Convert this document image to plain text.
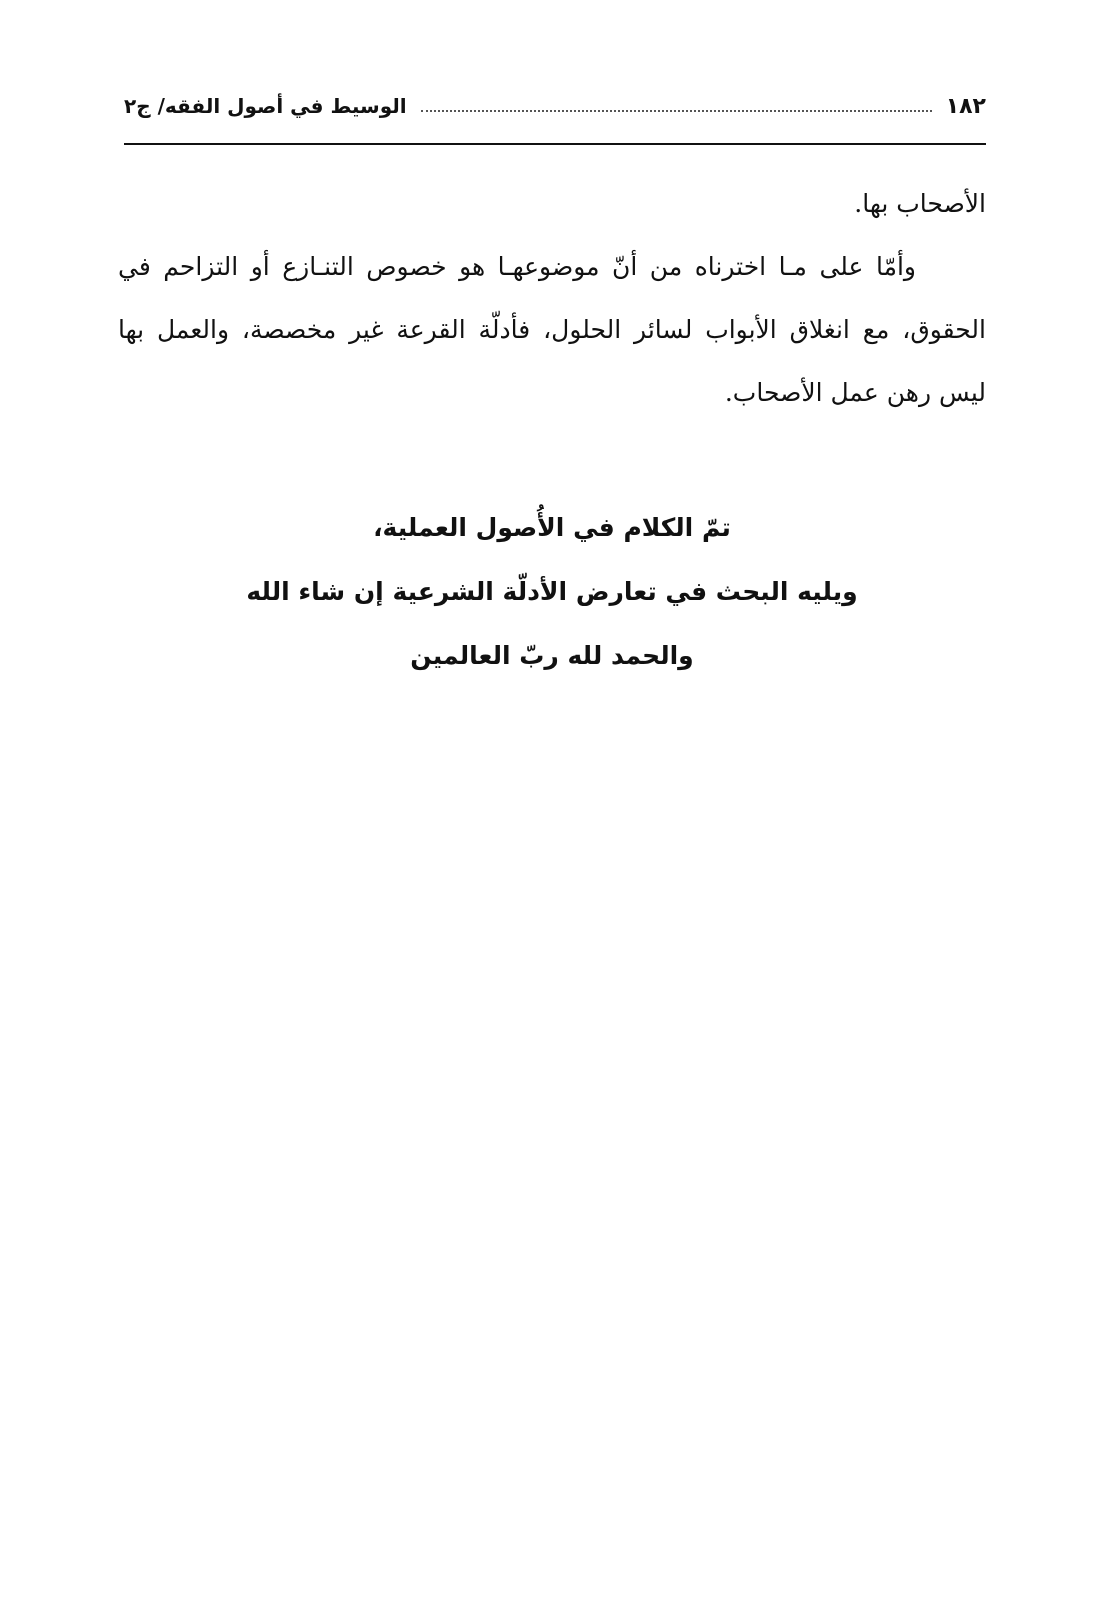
١٨٢
الوسيط في أصول الفقه/ ج٢

الأصحاب بها.

وأمّا على مـا اخترناه من أنّ موضوعهـا هو خصوص التنـازع أو التزاحم في الحقوق، مع انغلاق الأبواب لسائر الحلول، فأدلّة القرعة غير مخصصة، والعمل بها ليس رهن عمل الأصحاب.

تمّ الكلام في الأُصول العملية،
ويليه البحث في تعارض الأدلّة الشرعية إن شاء الله
والحمد لله ربّ العالمين
